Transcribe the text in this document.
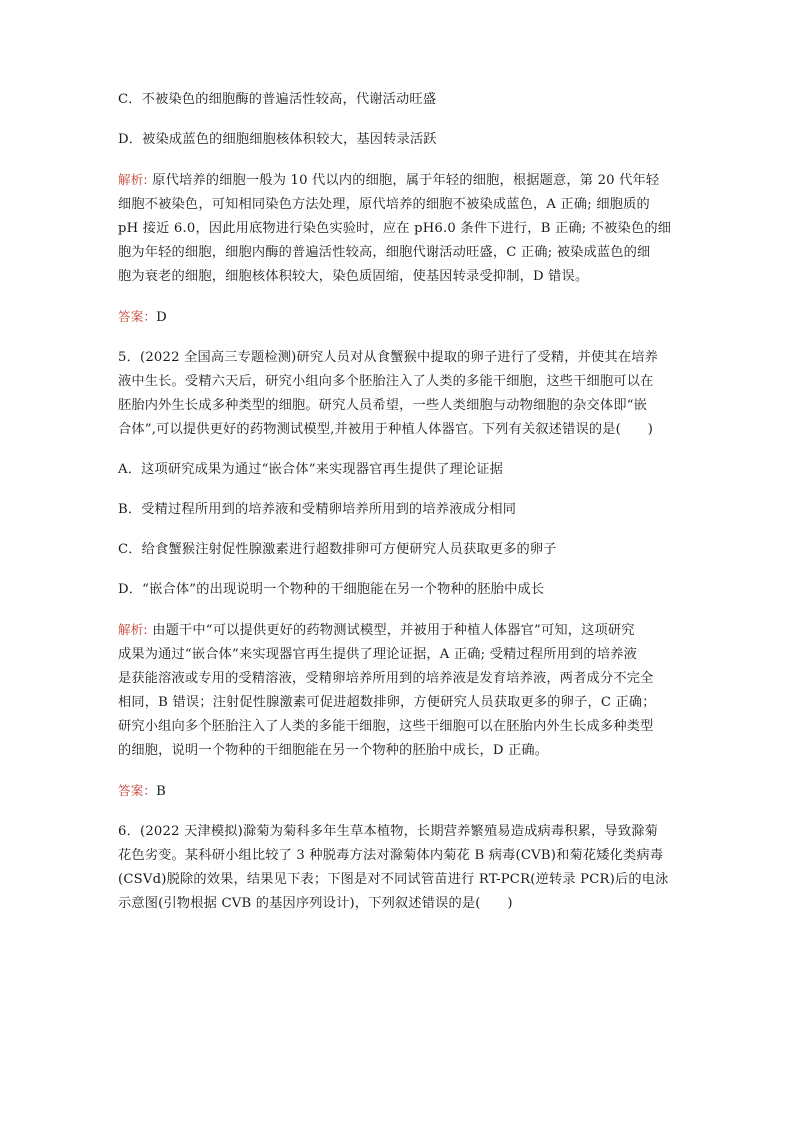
C．不被染色的细胞酶的普遍活性较高，代谢活动旺盛
D．被染成蓝色的细胞细胞核体积较大，基因转录活跃
解析: 原代培养的细胞一般为 10 代以内的细胞，属于年轻的细胞，根据题意，第 20 代年轻
细胞不被染色，可知相同染色方法处理，原代培养的细胞不被染成蓝色，A 正确; 细胞质的
pH 接近 6.0，因此用底物进行染色实验时，应在 pH6.0 条件下进行，B 正确; 不被染色的细
胞为年轻的细胞，细胞内酶的普遍活性较高，细胞代谢活动旺盛，C 正确; 被染成蓝色的细
胞为衰老的细胞，细胞核体积较大，染色质固缩，使基因转录受抑制，D 错误。
答案：D
5．(2022 全国高三专题检测)研究人员对从食蟹猴中提取的卵子进行了受精，并使其在培养
液中生长。受精六天后，研究小组向多个胚胎注入了人类的多能干细胞，这些干细胞可以在
胚胎内外生长成多种类型的细胞。研究人员希望，一些人类细胞与动物细胞的杂交体即“嵌
合体”,可以提供更好的药物测试模型,并被用于种植人体器官。下列有关叙述错误的是(　　)
A．这项研究成果为通过“嵌合体”来实现器官再生提供了理论证据
B．受精过程所用到的培养液和受精卵培养所用到的培养液成分相同
C．给食蟹猴注射促性腺激素进行超数排卵可方便研究人员获取更多的卵子
D．“嵌合体”的出现说明一个物种的干细胞能在另一个物种的胚胎中成长
解析: 由题干中“可以提供更好的药物测试模型，并被用于种植人体器官”可知，这项研究
成果为通过“嵌合体”来实现器官再生提供了理论证据，A 正确; 受精过程所用到的培养液
是获能溶液或专用的受精溶液，受精卵培养所用到的培养液是发育培养液，两者成分不完全
相同，B 错误；注射促性腺激素可促进超数排卵，方便研究人员获取更多的卵子，C 正确；
研究小组向多个胚胎注入了人类的多能干细胞，这些干细胞可以在胚胎内外生长成多种类型
的细胞，说明一个物种的干细胞能在另一个物种的胚胎中成长，D 正确。
答案：B
6．(2022 天津模拟)滁菊为菊科多年生草本植物，长期营养繁殖易造成病毒积累，导致滁菊
花色劣变。某科研小组比较了 3 种脱毒方法对滁菊体内菊花 B 病毒(CVB)和菊花矮化类病毒
(CSVd)脱除的效果，结果见下表；下图是对不同试管苗进行 RT-PCR(逆转录 PCR)后的电泳
示意图(引物根据 CVB 的基因序列设计)，下列叙述错误的是(　　)
